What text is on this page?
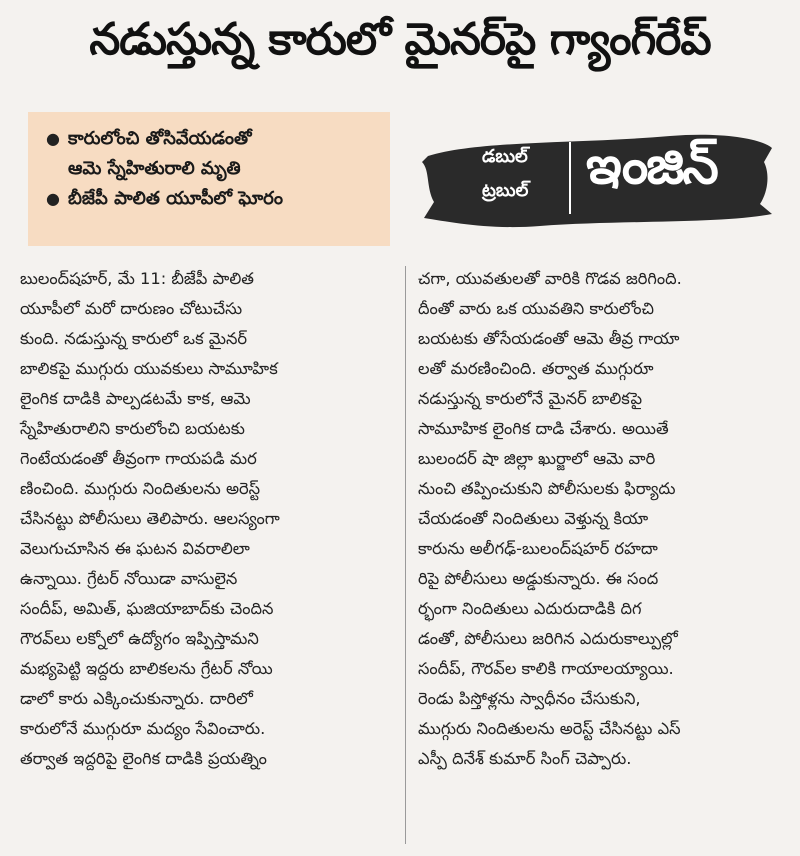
నడుస్తున్న కారులో మైనర్‌పై గ్యాంగ్‌రేప్
● కారులోంచి తోసివేయడంతో
ఆమె స్నేహితురాలి మృతి
● బీజేపీ పాలిత యూపీలో ఘోరం
డబుల్
ట్రబుల్ ఇంజిన్

బులంద్‌షహర్‌, మే 11: బీజేపీ పాలిత

యూపీలో మరో దారుణం చోటుచేసు

కుంది. నడుస్తున్న కారులో ఒక మైనర్‌

బాలికపై ముగ్గురు యువకులు సామూహిక

లైంగిక దాడికి పాల్పడటమే కాక, ఆమె

స్నేహితురాలిని కారులోంచి బయటకు

గెంటేయడంతో తీవ్రంగా గాయపడి మర

ణించింది. ముగ్గురు నిందితులను అరెస్ట్‌

చేసినట్టు పోలీసులు తెలిపారు. ఆలస్యంగా

వెలుగుచూసిన ఈ ఘటన వివరాలిలా

ఉన్నాయి. గ్రేటర్‌ నోయిడా వాసులైన

సందీప్‌, అమిత్‌, ఘజియాబాద్‌కు చెందిన

గౌరవ్‌లు లక్నోలో ఉద్యోగం ఇప్పిస్తామని

మభ్యపెట్టి ఇద్దరు బాలికలను గ్రేటర్‌ నోయి

డాలో కారు ఎక్కించుకున్నారు. దారిలో

కారులోనే ముగ్గురూ మద్యం సేవించారు.

తర్వాత ఇద్దరిపై లైంగిక దాడికి ప్రయత్నిం

చగా, యువతులతో వారికి గొడవ జరిగింది.

దీంతో వారు ఒక యువతిని కారులోంచి

బయటకు తోసేయడంతో ఆమె తీవ్ర గాయా

లతో మరణించింది. తర్వాత ముగ్గురూ

నడుస్తున్న కారులోనే మైనర్‌ బాలికపై

సామూహిక లైంగిక దాడి చేశారు. అయితే

బులందర్‌ షా జిల్లా ఖుర్జాలో ఆమె వారి

నుంచి తప్పించుకుని పోలీసులకు ఫిర్యాదు

చేయడంతో నిందితులు వెళ్తున్న కియా

కారును అలీగఢ్‌-బులంద్‌షహర్‌ రహదా

రిపై పోలీసులు అడ్డుకున్నారు. ఈ సంద

ర్భంగా నిందితులు ఎదురుదాడికి దిగ

డంతో, పోలీసులు జరిగిన ఎదురుకాల్పుల్లో

సందీప్‌, గౌరవ్‌ల కాలికి గాయాలయ్యాయి.

రెండు పిస్తోళ్లను స్వాధీనం చేసుకుని,

ముగ్గురు నిందితులను అరెస్ట్‌ చేసినట్టు ఎస్‌

ఎస్పీ దినేశ్‌ కుమార్‌ సింగ్‌ చెప్పారు.
